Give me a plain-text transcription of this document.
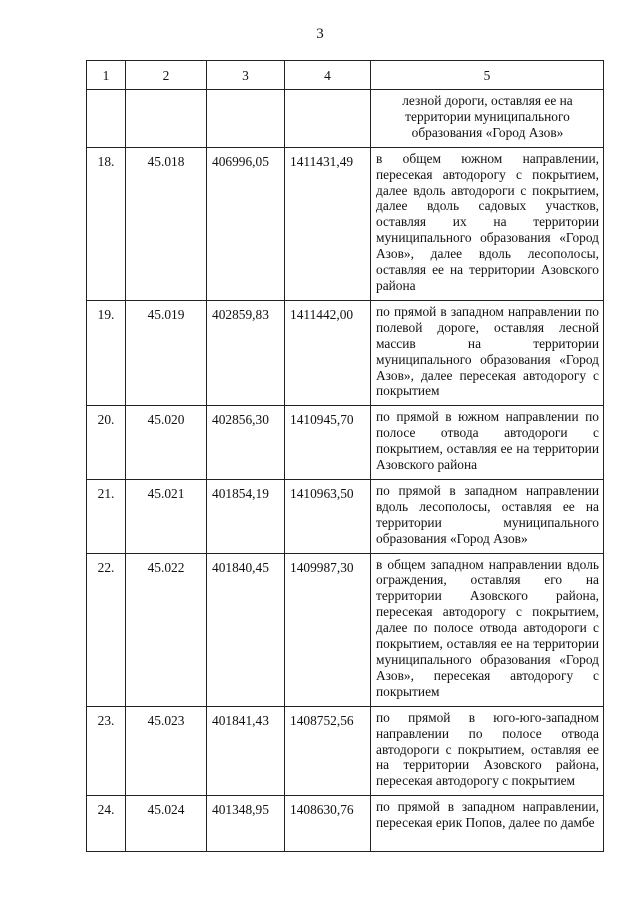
3
1	2	3	4	5
				лезной дороги, оставляя ее на территории муниципального образования «Город Азов»
18.	45.018	406996,05	1411431,49	в общем южном направлении, пересекая автодорогу с покрытием, далее вдоль автодороги с покрытием, далее вдоль садовых участков, оставляя их на территории муниципального образования «Город Азов», далее вдоль лесополосы, оставляя ее на территории Азовского района
19.	45.019	402859,83	1411442,00	по прямой в западном направлении по полевой дороге, оставляя лесной массив на территории муниципального образования «Город Азов», далее пересекая автодорогу с покрытием
20.	45.020	402856,30	1410945,70	по прямой в южном направлении по полосе отвода автодороги с покрытием, оставляя ее на территории Азовского района
21.	45.021	401854,19	1410963,50	по прямой в западном направлении вдоль лесополосы, оставляя ее на территории муниципального образования «Город Азов»
22.	45.022	401840,45	1409987,30	в общем западном направлении вдоль ограждения, оставляя его на территории Азовского района, пересекая автодорогу с покрытием, далее по полосе отвода автодороги с покрытием, оставляя ее на территории муниципального образования «Город Азов», пересекая автодорогу с покрытием
23.	45.023	401841,43	1408752,56	по прямой в юго-юго-западном направлении по полосе отвода автодороги с покрытием, оставляя ее на территории Азовского района, пересекая автодорогу с покрытием
24.	45.024	401348,95	1408630,76	по прямой в западном направлении, пересекая ерик Попов, далее по дамбе
